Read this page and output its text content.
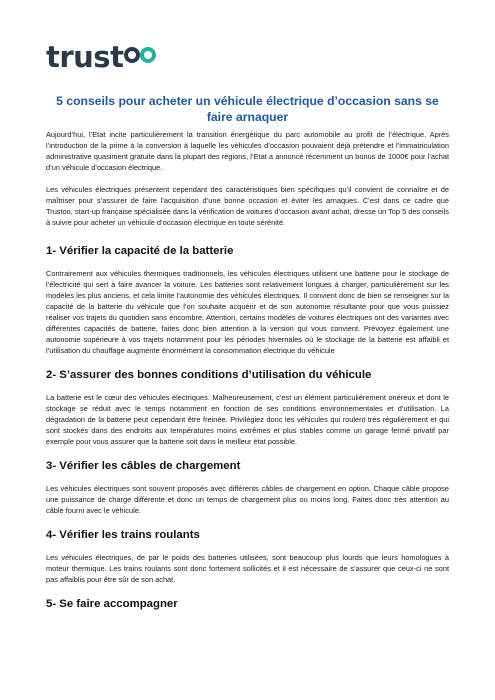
trust
5 conseils pour acheter un véhicule électrique d’occasion sans se faire arnaquer

Aujourd’hui, l’Etat incite particulièrement la transition énergétique du parc automobile au profit de l’électrique. Après l’introduction de la prime à la conversion à laquelle les véhicules d’occasion pouvaient déjà prétendre et l’immatriculation administrative quasiment gratuite dans la plupart des régions, l’Etat a annoncé récemment un bonus de 1000€ pour l’achat d’un véhicule d’occasion électrique.

Les véhicules électriques présentent cependant des caractéristiques bien spécifiques qu’il convient de connaître et de maîtriser pour s’assurer de faire l’acquisition d’une bonne occasion et éviter les arnaques. C’est dans ce cadre que Trustoo, start-up française spécialisée dans la vérification de voitures d’occasion avant achat, dresse un Top 5 des conseils à suivre pour acheter un véhicule d’occasion électrique en toute sérénité.

1- Vérifier la capacité de la batterie

Contrairement aux véhicules thermiques traditionnels, les véhicules électriques utilisent une batterie pour le stockage de l’électricité qui sert à faire avancer la voiture. Les batteries sont relativement longues à charger, particulièrement sur les modèles les plus anciens, et cela limite l’autonomie des véhicules électriques. Il convient donc de bien se renseigner sur la capacité de la batterie du véhicule que l’on souhaite acquérir et de son autonomie résultante pour que vous puissiez réaliser vos trajets du quotidien sans encombre. Attention, certains modèles de voitures électriques ont des variantes avec différentes capacités de batterie, faites donc bien attention à la version qui vous convient. Prévoyez également une autonomie supérieure à vos trajets notamment pour les périodes hivernales où le stockage de la batterie est affaibli et l’utilisation du chauffage augmente énormément la consommation électrique du véhicule

2- S’assurer des bonnes conditions d’utilisation du véhicule

La batterie est le cœur des véhicules électriques. Malheureusement, c’est un élément particulièrement onéreux et dont le stockage se réduit avec le temps notamment en fonction de ses conditions environnementales et d’utilisation. La dégradation de la batterie peut cependant être freinée. Privilégiez donc les véhicules qui roulent très régulièrement et qui sont stockés dans des endroits aux températures moins extrêmes et plus stables comme un garage fermé privatif par exemple pour vous assurer que la batterie soit dans le meilleur état possible.

3- Vérifier les câbles de chargement

Les véhicules électriques sont souvent proposés avec différents câbles de chargement en option. Chaque câble propose une puissance de charge différente et donc un temps de chargement plus ou moins long. Faites donc très attention au câble fourni avec le véhicule.

4- Vérifier les trains roulants

Les véhicules électriques, de par le poids des batteries utilisées, sont beaucoup plus lourds que leurs homologues à moteur thermique. Les trains roulants sont donc fortement sollicités et il est nécessaire de s’assurer que ceux-ci ne sont pas affaiblis pour être sûr de son achat.

5- Se faire accompagner
